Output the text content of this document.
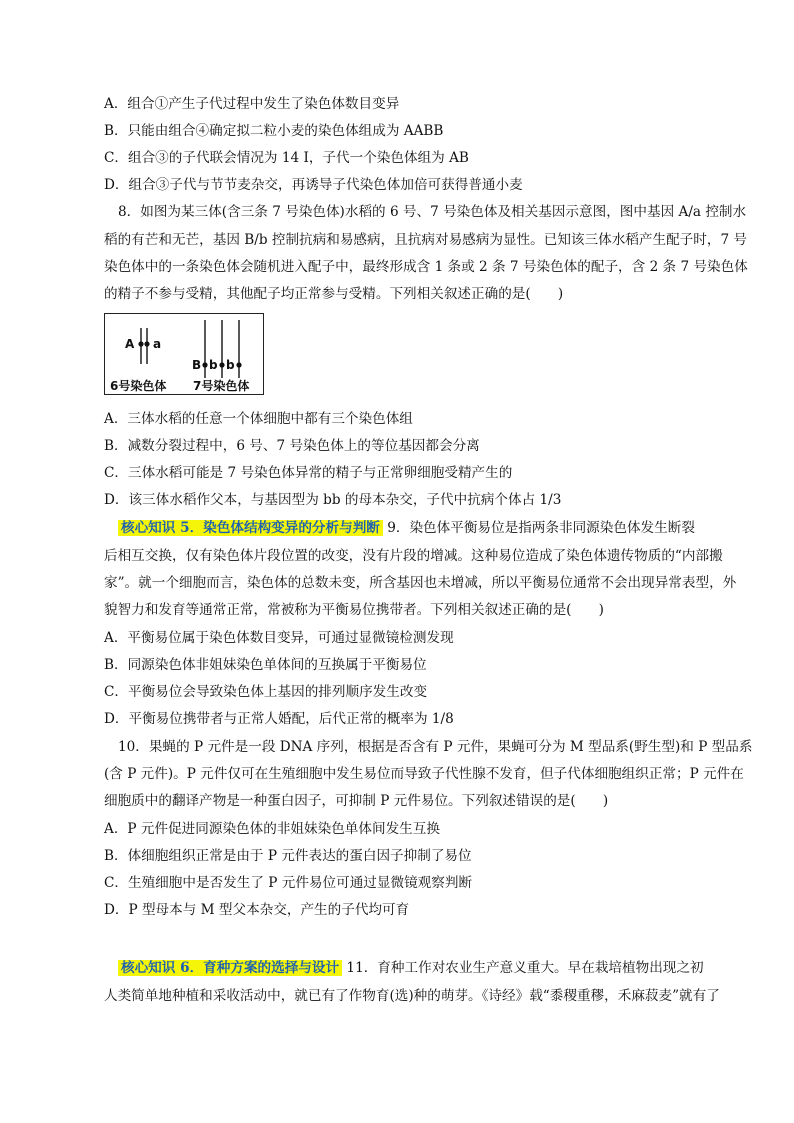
A．组合①产生子代过程中发生了染色体数目变异
B．只能由组合④确定拟二粒小麦的染色体组成为 AABB
C．组合③的子代联会情况为 14 Ⅰ，子代一个染色体组为 AB
D．组合③子代与节节麦杂交，再诱导子代染色体加倍可获得普通小麦
8．如图为某三体(含三条 7 号染色体)水稻的 6 号、7 号染色体及相关基因示意图，图中基因 A/a 控制水
稻的有芒和无芒，基因 B/b 控制抗病和易感病，且抗病对易感病为显性。已知该三体水稻产生配子时，7 号
染色体中的一条染色体会随机进入配子中，最终形成含 1 条或 2 条 7 号染色体的配子，含 2 条 7 号染色体
的精子不参与受精，其他配子均正常参与受精。下列相关叙述正确的是(　　)
A a
B b b
6号染色体 7号染色体
A．三体水稻的任意一个体细胞中都有三个染色体组
B．减数分裂过程中，6 号、7 号染色体上的等位基因都会分离
C．三体水稻可能是 7 号染色体异常的精子与正常卵细胞受精产生的
D．该三体水稻作父本，与基因型为 bb 的母本杂交，子代中抗病个体占 1/3
核心知识 5．染色体结构变异的分析与判断 9．染色体平衡易位是指两条非同源染色体发生断裂
后相互交换，仅有染色体片段位置的改变，没有片段的增减。这种易位造成了染色体遗传物质的“内部搬
家”。就一个细胞而言，染色体的总数未变，所含基因也未增减，所以平衡易位通常不会出现异常表型，外
貌智力和发育等通常正常，常被称为平衡易位携带者。下列相关叙述正确的是(　　)
A．平衡易位属于染色体数目变异，可通过显微镜检测发现
B．同源染色体非姐妹染色单体间的互换属于平衡易位
C．平衡易位会导致染色体上基因的排列顺序发生改变
D．平衡易位携带者与正常人婚配，后代正常的概率为 1/8
10．果蝇的 P 元件是一段 DNA 序列，根据是否含有 P 元件，果蝇可分为 M 型品系(野生型)和 P 型品系
(含 P 元件)。P 元件仅可在生殖细胞中发生易位而导致子代性腺不发育，但子代体细胞组织正常；P 元件在
细胞质中的翻译产物是一种蛋白因子，可抑制 P 元件易位。下列叙述错误的是(　　)
A．P 元件促进同源染色体的非姐妹染色单体间发生互换
B．体细胞组织正常是由于 P 元件表达的蛋白因子抑制了易位
C．生殖细胞中是否发生了 P 元件易位可通过显微镜观察判断
D．P 型母本与 M 型父本杂交，产生的子代均可育
核心知识 6．育种方案的选择与设计 11．育种工作对农业生产意义重大。早在栽培植物出现之初
人类简单地种植和采收活动中，就已有了作物育(选)种的萌芽。《诗经》载“黍稷重穋，禾麻菽麦”就有了
